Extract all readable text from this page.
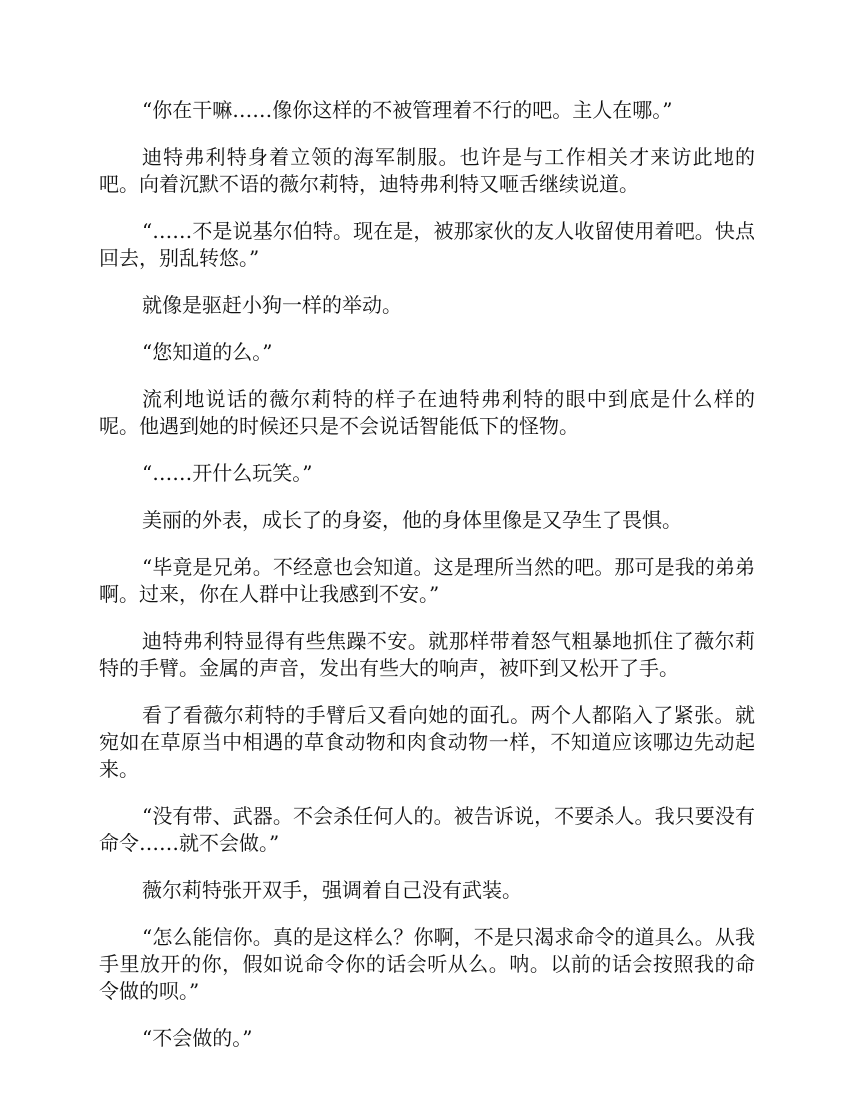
“你在干嘛……像你这样的不被管理着不行的吧。主人在哪。”

迪特弗利特身着立领的海军制服。也许是与工作相关才来访此地的吧。向着沉默不语的薇尔莉特，迪特弗利特又咂舌继续说道。

“……不是说基尔伯特。现在是，被那家伙的友人收留使用着吧。快点回去，别乱转悠。”

就像是驱赶小狗一样的举动。

“您知道的么。”

流利地说话的薇尔莉特的样子在迪特弗利特的眼中到底是什么样的呢。他遇到她的时候还只是不会说话智能低下的怪物。

“……开什么玩笑。”

美丽的外表，成长了的身姿，他的身体里像是又孕生了畏惧。

“毕竟是兄弟。不经意也会知道。这是理所当然的吧。那可是我的弟弟啊。过来，你在人群中让我感到不安。”

迪特弗利特显得有些焦躁不安。就那样带着怒气粗暴地抓住了薇尔莉特的手臂。金属的声音，发出有些大的响声，被吓到又松开了手。

看了看薇尔莉特的手臂后又看向她的面孔。两个人都陷入了紧张。就宛如在草原当中相遇的草食动物和肉食动物一样，不知道应该哪边先动起来。

“没有带、武器。不会杀任何人的。被告诉说，不要杀人。我只要没有命令……就不会做。”

薇尔莉特张开双手，强调着自己没有武装。

“怎么能信你。真的是这样么？你啊，不是只渴求命令的道具么。从我手里放开的你，假如说命令你的话会听从么。呐。以前的话会按照我的命令做的呗。”

“不会做的。”
